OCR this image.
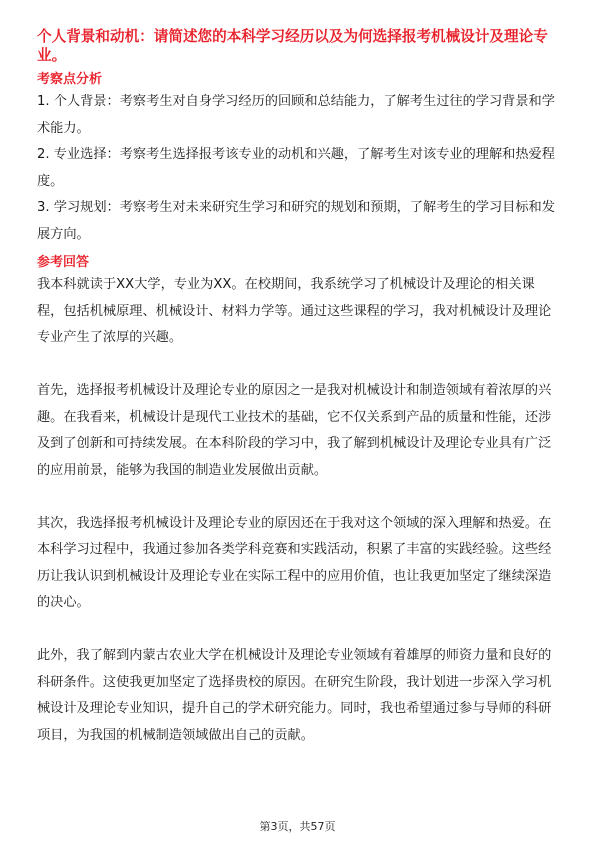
个人背景和动机：请简述您的本科学习经历以及为何选择报考机械设计及理论专业。
考察点分析

1. 个人背景：考察考生对自身学习经历的回顾和总结能力，了解考生过往的学习背景和学术能力。

2. 专业选择：考察考生选择报考该专业的动机和兴趣，了解考生对该专业的理解和热爱程度。

3. 学习规划：考察考生对未来研究生学习和研究的规划和预期，了解考生的学习目标和发展方向。

参考回答

我本科就读于XX大学，专业为XX。在校期间，我系统学习了机械设计及理论的相关课程，包括机械原理、机械设计、材料力学等。通过这些课程的学习，我对机械设计及理论专业产生了浓厚的兴趣。

首先，选择报考机械设计及理论专业的原因之一是我对机械设计和制造领域有着浓厚的兴趣。在我看来，机械设计是现代工业技术的基础，它不仅关系到产品的质量和性能，还涉及到了创新和可持续发展。在本科阶段的学习中，我了解到机械设计及理论专业具有广泛的应用前景，能够为我国的制造业发展做出贡献。

其次，我选择报考机械设计及理论专业的原因还在于我对这个领域的深入理解和热爱。在本科学习过程中，我通过参加各类学科竞赛和实践活动，积累了丰富的实践经验。这些经历让我认识到机械设计及理论专业在实际工程中的应用价值，也让我更加坚定了继续深造的决心。

此外，我了解到内蒙古农业大学在机械设计及理论专业领域有着雄厚的师资力量和良好的科研条件。这使我更加坚定了选择贵校的原因。在研究生阶段，我计划进一步深入学习机械设计及理论专业知识，提升自己的学术研究能力。同时，我也希望通过参与导师的科研项目，为我国的机械制造领域做出自己的贡献。

第3页，共57页
